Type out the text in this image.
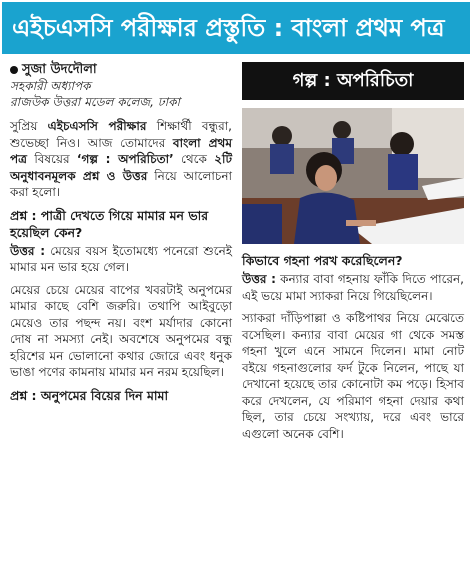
এইচএসসি পরীক্ষার প্রস্তুতি : বাংলা প্রথম পত্র
সুজা উদদৌলা
সহকারী অধ্যাপক
রাজউক উত্তরা মডেল কলেজ, ঢাকা

সুপ্রিয় এইচএসসি পরীক্ষার শিক্ষার্থী বন্ধুরা, শুভেচ্ছা নিও। আজ তোমাদের বাংলা প্রথম পত্র বিষয়ের ‘গল্প : অপরিচিতা’ থেকে ২টি অনুধাবনমূলক প্রশ্ন ও উত্তর নিয়ে আলোচনা করা হলো।

প্রশ্ন : পাত্রী দেখতে গিয়ে মামার মন ভার হয়েছিল কেন?

উত্তর : মেয়ের বয়স ইতোমধ্যে পনেরো শুনেই মামার মন ভার হয়ে গেল।

মেয়ের চেয়ে মেয়ের বাপের খবরটাই অনুপমের মামার কাছে বেশি জরুরি। তথাপি আইবুড়ো মেয়েও তার পছন্দ নয়। বংশ মর্যাদার কোনো দোষ না সমস্যা নেই। অবশেষে অনুপমের বন্ধু হরিশের মন ভোলানো কথার জোরে এবং ধনুক ভাঙা পণের কামনায় মামার মন নরম হয়েছিল।

প্রশ্ন : অনুপমের বিয়ের দিন মামা

গল্প : অপরিচিতা

কিভাবে গহনা পরখ করেছিলেন?

উত্তর : কন্যার বাবা গহনায় ফাঁকি দিতে পারেন, এই ভয়ে মামা স্যাকরা নিয়ে গিয়েছিলেন।

স্যাকরা দাঁড়িপাল্লা ও কষ্টিপাথর নিয়ে মেঝেতে বসেছিল। কন্যার বাবা মেয়ের গা থেকে সমস্ত গহনা খুলে এনে সামনে দিলেন। মামা নোট বইয়ে গহনাগুলোর ফর্দ টুকে নিলেন, পাছে যা দেখানো হয়েছে তার কোনোটা কম পড়ে। হিসাব করে দেখলেন, যে পরিমাণ গহনা দেয়ার কথা ছিল, তার চেয়ে সংখ্যায়, দরে এবং ভারে এগুলো অনেক বেশি।
